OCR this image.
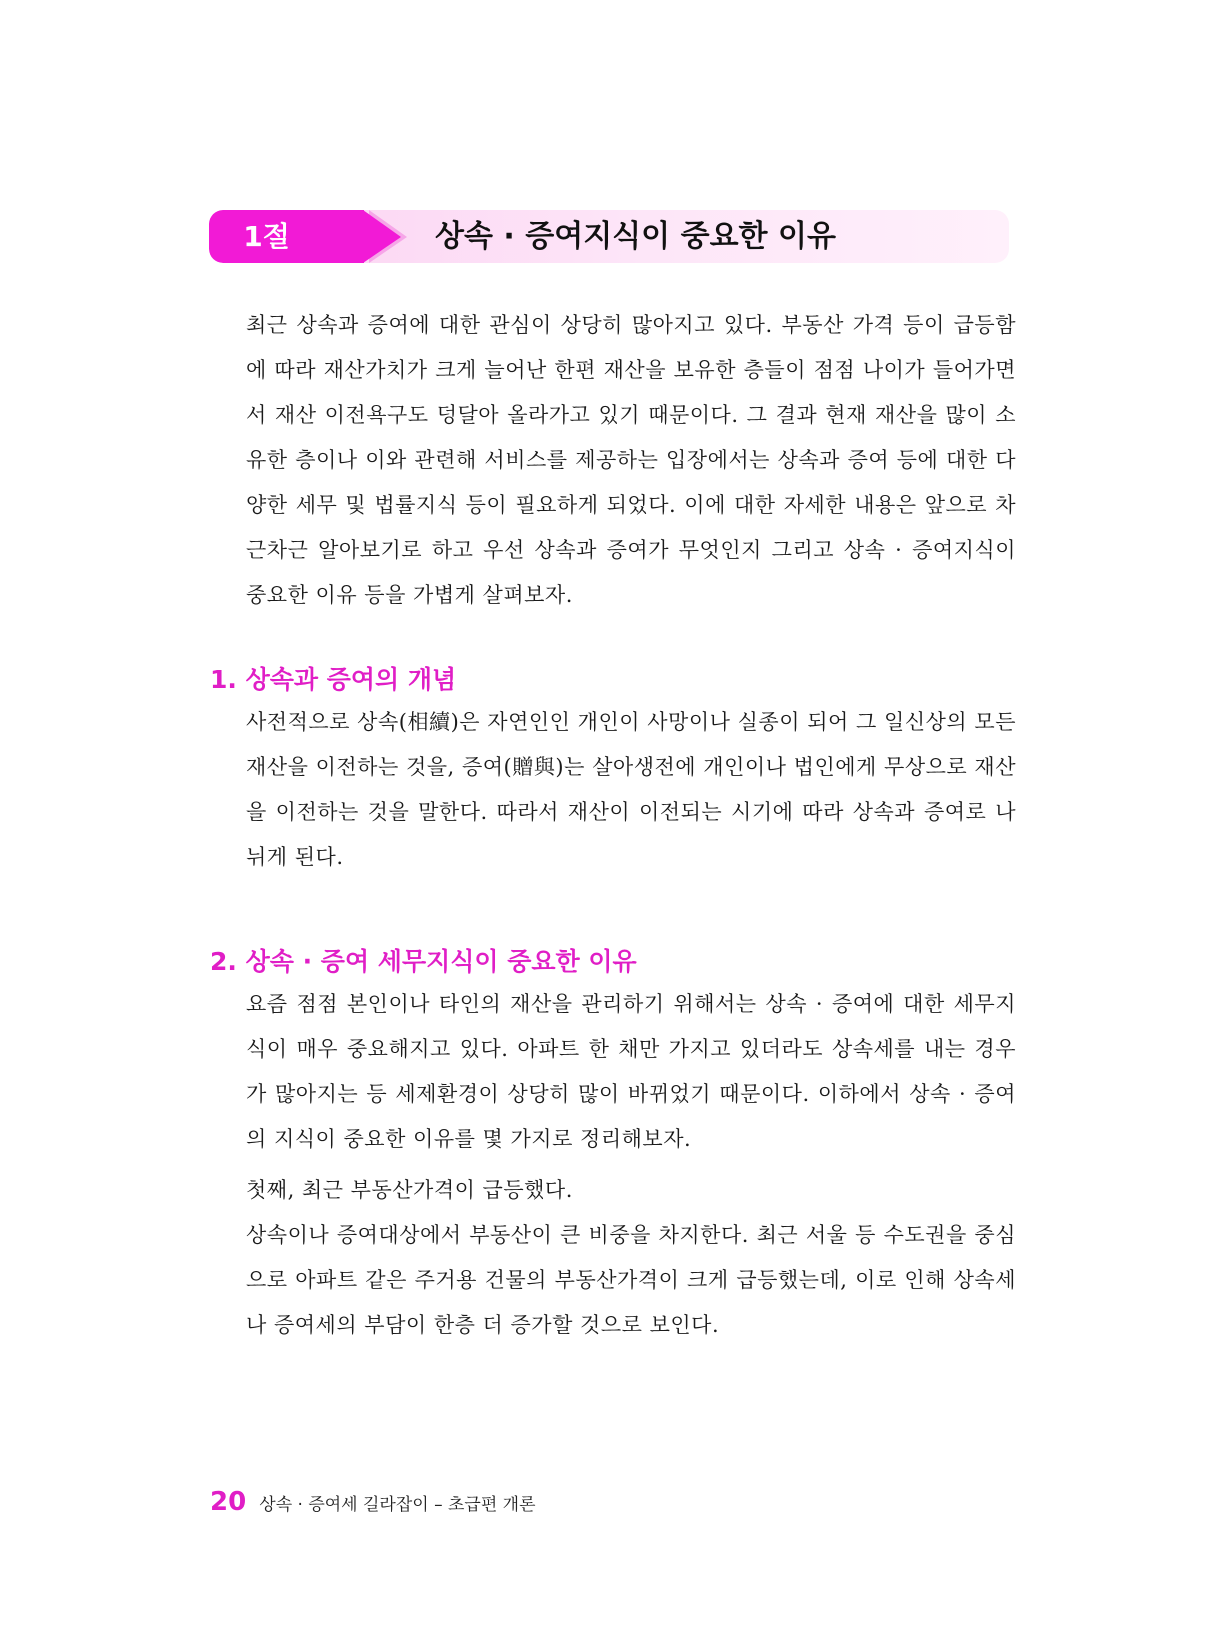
1절	상속 · 증여지식이 중요한 이유

최근 상속과 증여에 대한 관심이 상당히 많아지고 있다. 부동산 가격 등이 급등함에 따라 재산가치가 크게 늘어난 한편 재산을 보유한 층들이 점점 나이가 들어가면서 재산 이전욕구도 덩달아 올라가고 있기 때문이다. 그 결과 현재 재산을 많이 소유한 층이나 이와 관련해 서비스를 제공하는 입장에서는 상속과 증여 등에 대한 다양한 세무 및 법률지식 등이 필요하게 되었다. 이에 대한 자세한 내용은 앞으로 차근차근 알아보기로 하고 우선 상속과 증여가 무엇인지 그리고 상속 · 증여지식이 중요한 이유 등을 가볍게 살펴보자.

1. 상속과 증여의 개념

사전적으로 상속(相續)은 자연인인 개인이 사망이나 실종이 되어 그 일신상의 모든 재산을 이전하는 것을, 증여(贈與)는 살아생전에 개인이나 법인에게 무상으로 재산을 이전하는 것을 말한다. 따라서 재산이 이전되는 시기에 따라 상속과 증여로 나뉘게 된다.

2. 상속 · 증여 세무지식이 중요한 이유

요즘 점점 본인이나 타인의 재산을 관리하기 위해서는 상속 · 증여에 대한 세무지식이 매우 중요해지고 있다. 아파트 한 채만 가지고 있더라도 상속세를 내는 경우가 많아지는 등 세제환경이 상당히 많이 바뀌었기 때문이다. 이하에서 상속 · 증여의 지식이 중요한 이유를 몇 가지로 정리해보자.

첫째, 최근 부동산가격이 급등했다.

상속이나 증여대상에서 부동산이 큰 비중을 차지한다. 최근 서울 등 수도권을 중심으로 아파트 같은 주거용 건물의 부동산가격이 크게 급등했는데, 이로 인해 상속세나 증여세의 부담이 한층 더 증가할 것으로 보인다.

20 상속 · 증여세 길라잡이 – 초급편 개론
